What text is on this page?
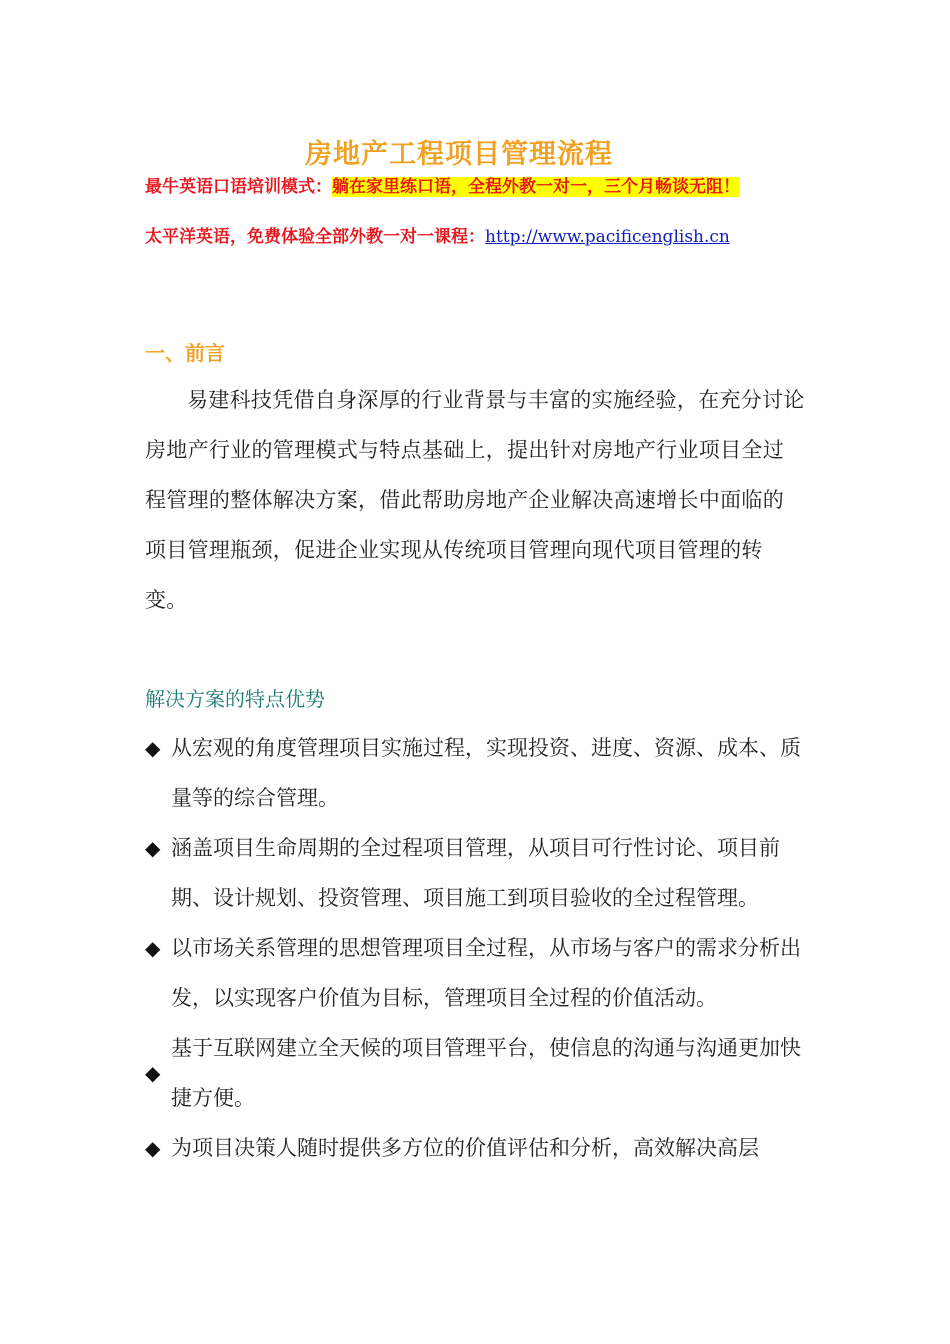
房地产工程项目管理流程
最牛英语口语培训模式：躺在家里练口语，全程外教一对一，三个月畅谈无阻！
太平洋英语，免费体验全部外教一对一课程：http://www.pacificenglish.cn
一、前言

易建科技凭借自身深厚的行业背景与丰富的实施经验，在充分讨论房地产行业的管理模式与特点基础上，提出针对房地产行业项目全过程管理的整体解决方案，借此帮助房地产企业解决高速增长中面临的项目管理瓶颈，促进企业实现从传统项目管理向现代项目管理的转变。

解决方案的特点优势
◆ 从宏观的角度管理项目实施过程，实现投资、进度、资源、成本、质量等的综合管理。
◆ 涵盖项目生命周期的全过程项目管理，从项目可行性讨论、项目前期、设计规划、投资管理、项目施工到项目验收的全过程管理。
◆ 以市场关系管理的思想管理项目全过程，从市场与客户的需求分析出发，以实现客户价值为目标，管理项目全过程的价值活动。
◆
基于互联网建立全天候的项目管理平台，使信息的沟通与沟通更加快捷方便。
◆ 为项目决策人随时提供多方位的价值评估和分析，高效解决高层
